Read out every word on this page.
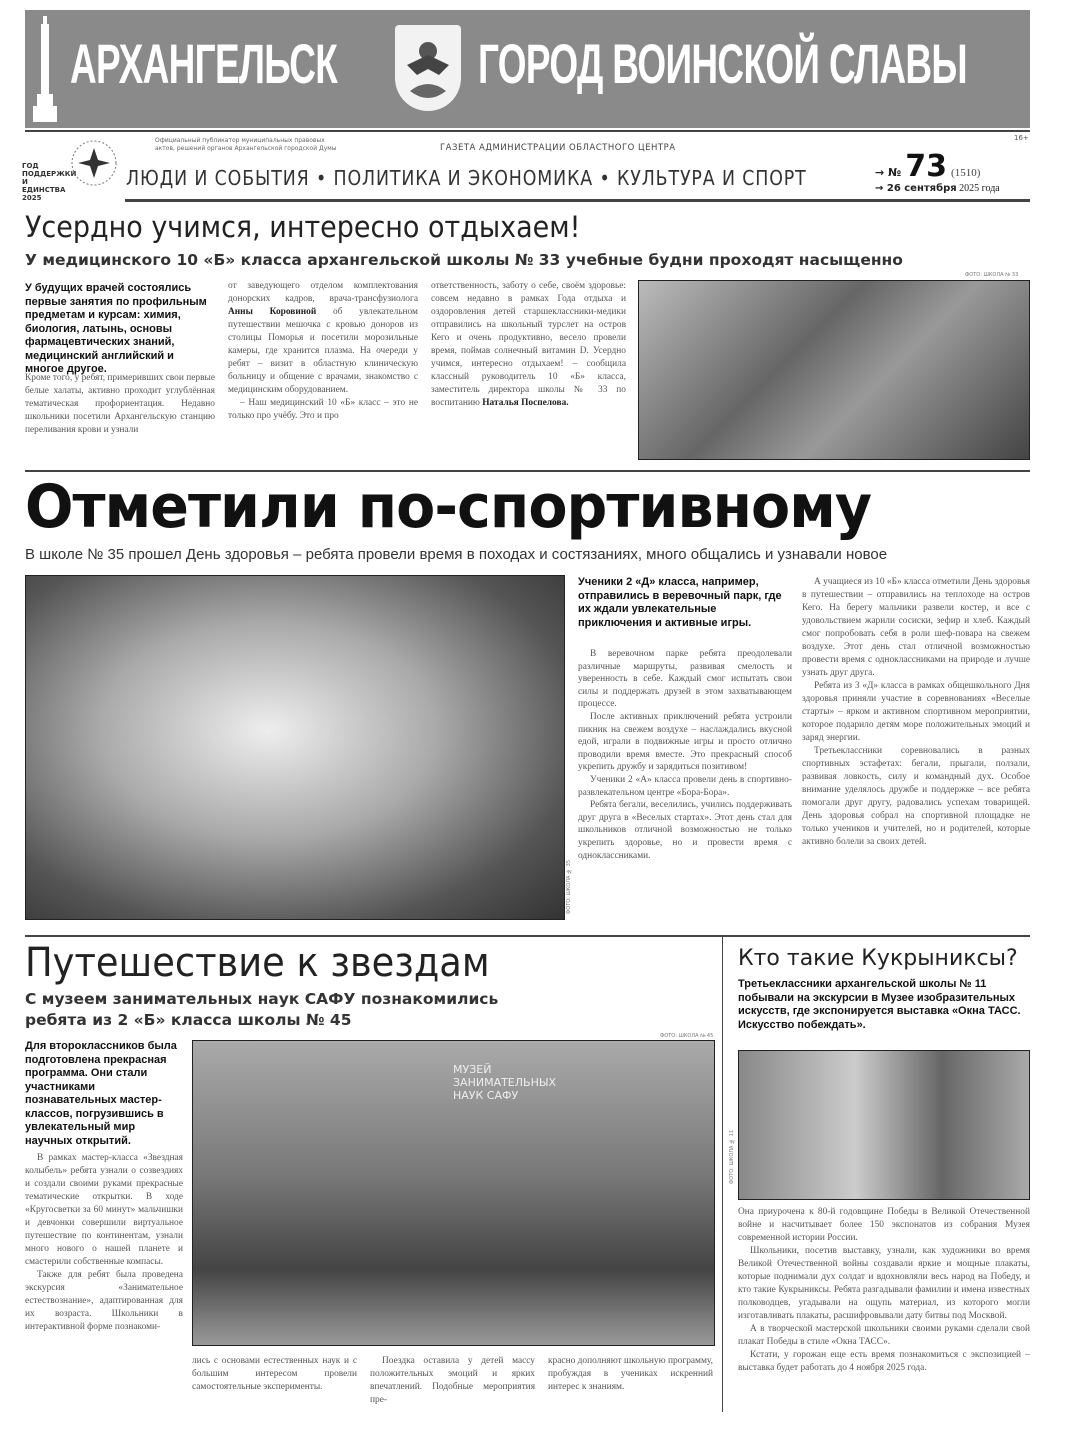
АРХАНГЕЛЬСК	ГОРОД ВОИНСКОЙ СЛАВЫ
ГОД ПОДДЕРЖКИ И ЕДИНСТВА 2025
Официальный публикатор муниципальных правовых актов, решений органов Архангельской городской Думы	ГАЗЕТА АДМИНИСТРАЦИИ ОБЛАСТНОГО ЦЕНТРА
ЛЮДИ И СОБЫТИЯ • ПОЛИТИКА И ЭКОНОМИКА • КУЛЬТУРА И СПОРТ	→ № 73 (1510)
→ 26 сентября 2025 года
16+
Усердно учимся, интересно отдыхаем!
У медицинского 10 «Б» класса архангельской школы № 33 учебные будни проходят насыщенно
ФОТО: ШКОЛА № 33
У будущих врачей состоялись первые занятия по профильным предметам и курсам: химия, биология, латынь, основы фармацевтических знаний, медицинский английский и многое другое.
Кроме того, у ребят, примеривших свои первые белые халаты, активно проходит углублённая тематическая профориентация. Недавно школьники посетили Архангельскую станцию переливания крови и узнали
от заведующего отделом комплектования донорских кадров, врача-трансфузиолога Анны Коровиной об увлекательном путешествии мешочка с кровью доноров из столицы Поморья и посетили морозильные камеры, где хранится плазма. На очереди у ребят – визит в областную клиническую больницу и общение с врачами, знакомство с медицинским оборудованием.

– Наш медицинский 10 «Б» класс – это не только про учёбу. Это и про

ответственность, заботу о себе, своём здоровье: совсем недавно в рамках Года отдыха и оздоровления детей старшеклассники-медики отправились на школьный турслет на остров Кего и очень продуктивно, весело провели время, поймав солнечный витамин D. Усердно учимся, интересно отдыхаем! – сообщила классный руководитель 10 «Б» класса, заместитель директора школы № 33 по воспитанию Наталья Поспелова.
Отметили по-спортивному
В школе № 35 прошел День здоровья – ребята провели время в походах и состязаниях, много общались и узнавали новое
ФОТО: ШКОЛА № 35
Ученики 2 «Д» класса, например, отправились в веревочный парк, где их ждали увлекательные приключения и активные игры.

В веревочном парке ребята преодолевали различные маршруты, развивая смелость и уверенность в себе. Каждый смог испытать свои силы и поддержать друзей в этом захватывающем процессе.

После активных приключений ребята устроили пикник на свежем воздухе – наслаждались вкусной едой, играли в подвижные игры и просто отлично проводили время вместе. Это прекрасный способ укрепить дружбу и зарядиться позитивом!

Ученики 2 «А» класса провели день в спортивно-развлекательном центре «Бора-Бора».

Ребята бегали, веселились, учились поддерживать друг друга в «Веселых стартах». Этот день стал для школьников отличной возможностью не только укрепить здоровье, но и провести время с одноклассниками.

А учащиеся из 10 «Б» класса отметили День здоровья в путешествии – отправились на теплоходе на остров Кего. На берегу мальчики развели костер, и все с удовольствием жарили сосиски, зефир и хлеб. Каждый смог попробовать себя в роли шеф-повара на свежем воздухе. Этот день стал отличной возможностью провести время с одноклассниками на природе и лучше узнать друг друга.

Ребята из 3 «Д» класса в рамках общешкольного Дня здоровья приняли участие в соревнованиях «Веселые старты» – ярком и активном спортивном мероприятии, которое подарило детям море положительных эмоций и заряд энергии.

Третьеклассники соревновались в разных спортивных эстафетах: бегали, прыгали, ползали, развивая ловкость, силу и командный дух. Особое внимание уделялось дружбе и поддержке – все ребята помогали друг другу, радовались успехам товарищей. День здоровья собрал на спортивной площадке не только учеников и учителей, но и родителей, которые активно болели за своих детей.

Путешествие к звездам
С музеем занимательных наук САФУ познакомились ребята из 2 «Б» класса школы № 45
ФОТО: ШКОЛА № 45
Для второклассников была подготовлена прекрасная программа. Они стали участниками познавательных мастер-классов, погрузившись в увлекательный мир научных открытий.

В рамках мастер-класса «Звездная колыбель» ребята узнали о созвездиях и создали своими руками прекрасные тематические открытки. В ходе «Кругосветки за 60 минут» мальчишки и девчонки совершили виртуальное путешествие по континентам, узнали много нового о нашей планете и смастерили собственные компасы.

Также для ребят была проведена экскурсия «Занимательное естествознание», адаптированная для их возраста. Школьники в интерактивной форме познакоми-

МУЗЕЙ ЗАНИМАТЕЛЬНЫХ НАУК САФУ
лись с основами естественных наук и с большим интересом провели самостоятельные эксперименты.

Поездка оставила у детей массу положительных эмоций и ярких впечатлений. Подобные мероприятия пре-

красно дополняют школьную программу, пробуждая в учениках искренний интерес к знаниям.
Кто такие Кукрыниксы?
Третьеклассники архангельской школы № 11 побывали на экскурсии в Музее изобразительных искусств, где экспонируется выставка «Окна ТАСС. Искусство побеждать».
ФОТО: ШКОЛА № 11
Она приурочена к 80-й годовщине Победы в Великой Отечественной войне и насчитывает более 150 экспонатов из собрания Музея современной истории России.

Школьники, посетив выставку, узнали, как художники во время Великой Отечественной войны создавали яркие и мощные плакаты, которые поднимали дух солдат и вдохновляли весь народ на Победу, и кто такие Кукрыниксы. Ребята разгадывали фамилии и имена известных полководцев, угадывали на ощупь материал, из которого могли изготавливать плакаты, расшифровывали дату битвы под Москвой.

А в творческой мастерской школьники своими руками сделали свой плакат Победы в стиле «Окна ТАСС».

Кстати, у горожан еще есть время познакомиться с экспозицией – выставка будет работать до 4 ноября 2025 года.
